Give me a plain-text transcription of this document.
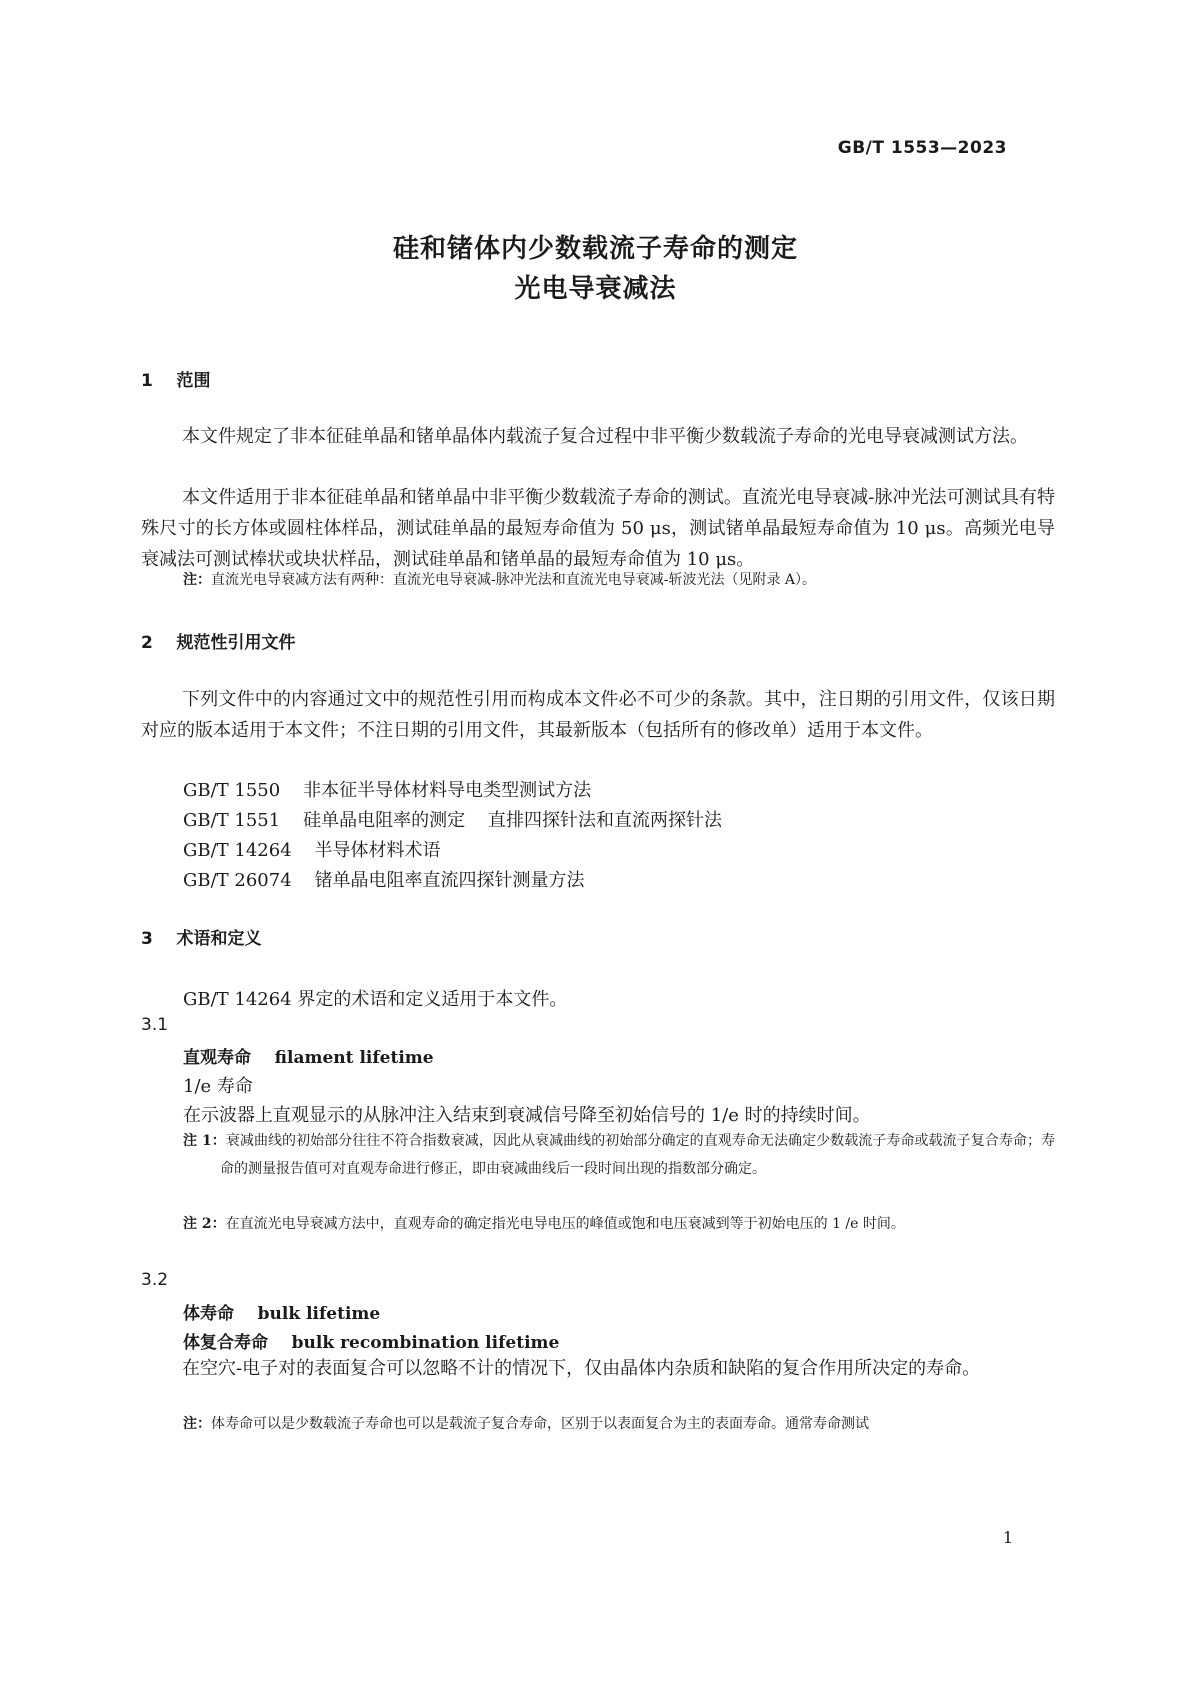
GB/T 1553—2023
硅和锗体内少数载流子寿命的测定
光电导衰减法
1    范围
本文件规定了非本征硅单晶和锗单晶体内载流子复合过程中非平衡少数载流子寿命的光电导衰减测试方法。
本文件适用于非本征硅单晶和锗单晶中非平衡少数载流子寿命的测试。直流光电导衰减-脉冲光法可测试具有特殊尺寸的长方体或圆柱体样品，测试硅单晶的最短寿命值为 50 μs，测试锗单晶最短寿命值为 10 μs。高频光电导衰减法可测试棒状或块状样品，测试硅单晶和锗单晶的最短寿命值为 10 μs。
注：直流光电导衰减方法有两种：直流光电导衰减-脉冲光法和直流光电导衰减-斩波光法（见附录 A）。
2    规范性引用文件
下列文件中的内容通过文中的规范性引用而构成本文件必不可少的条款。其中，注日期的引用文件，仅该日期对应的版本适用于本文件；不注日期的引用文件，其最新版本（包括所有的修改单）适用于本文件。
GB/T 1550    非本征半导体材料导电类型测试方法
GB/T 1551    硅单晶电阻率的测定    直排四探针法和直流两探针法
GB/T 14264    半导体材料术语
GB/T 26074    锗单晶电阻率直流四探针测量方法
3    术语和定义
GB/T 14264 界定的术语和定义适用于本文件。
3.1
直观寿命    filament lifetime
1/e 寿命
在示波器上直观显示的从脉冲注入结束到衰减信号降至初始信号的 1/e 时的持续时间。
注 1：衰减曲线的初始部分往往不符合指数衰减，因此从衰减曲线的初始部分确定的直观寿命无法确定少数载流子寿命或载流子复合寿命；寿命的测量报告值可对直观寿命进行修正，即由衰减曲线后一段时间出现的指数部分确定。
注 2：在直流光电导衰减方法中，直观寿命的确定指光电导电压的峰值或饱和电压衰减到等于初始电压的 1 /e 时间。
3.2
体寿命    bulk lifetime
体复合寿命    bulk recombination lifetime
在空穴-电子对的表面复合可以忽略不计的情况下，仅由晶体内杂质和缺陷的复合作用所决定的寿命。
注：体寿命可以是少数载流子寿命也可以是载流子复合寿命，区别于以表面复合为主的表面寿命。通常寿命测试
1
